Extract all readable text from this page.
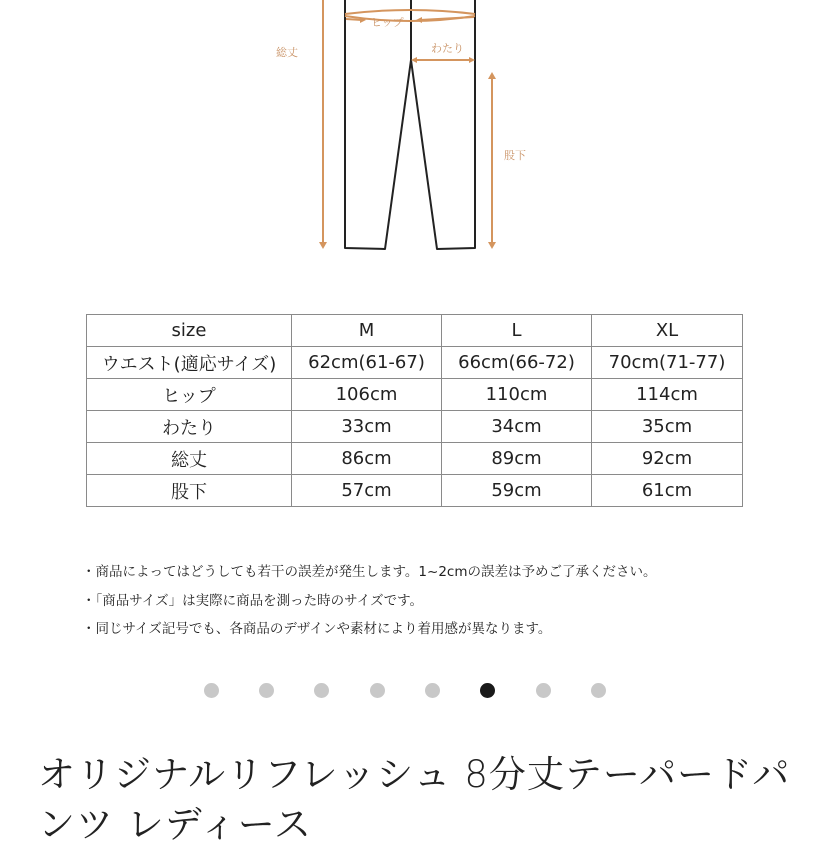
ヒップ
わたり
総丈
股下
size	M	L	XL
ウエスト(適応サイズ)	62cm(61-67)	66cm(66-72)	70cm(71-77)
ヒップ	106cm	110cm	114cm
わたり	33cm	34cm	35cm
総丈	86cm	89cm	92cm
股下	57cm	59cm	61cm
・商品によってはどうしても若干の誤差が発生します。1~2cmの誤差は予めご了承ください。
・「商品サイズ」は実際に商品を測った時のサイズです。
・同じサイズ記号でも、各商品のデザインや素材により着用感が異なります。
オリジナルリフレッシュ 8分丈テーパードパンツ レディース
